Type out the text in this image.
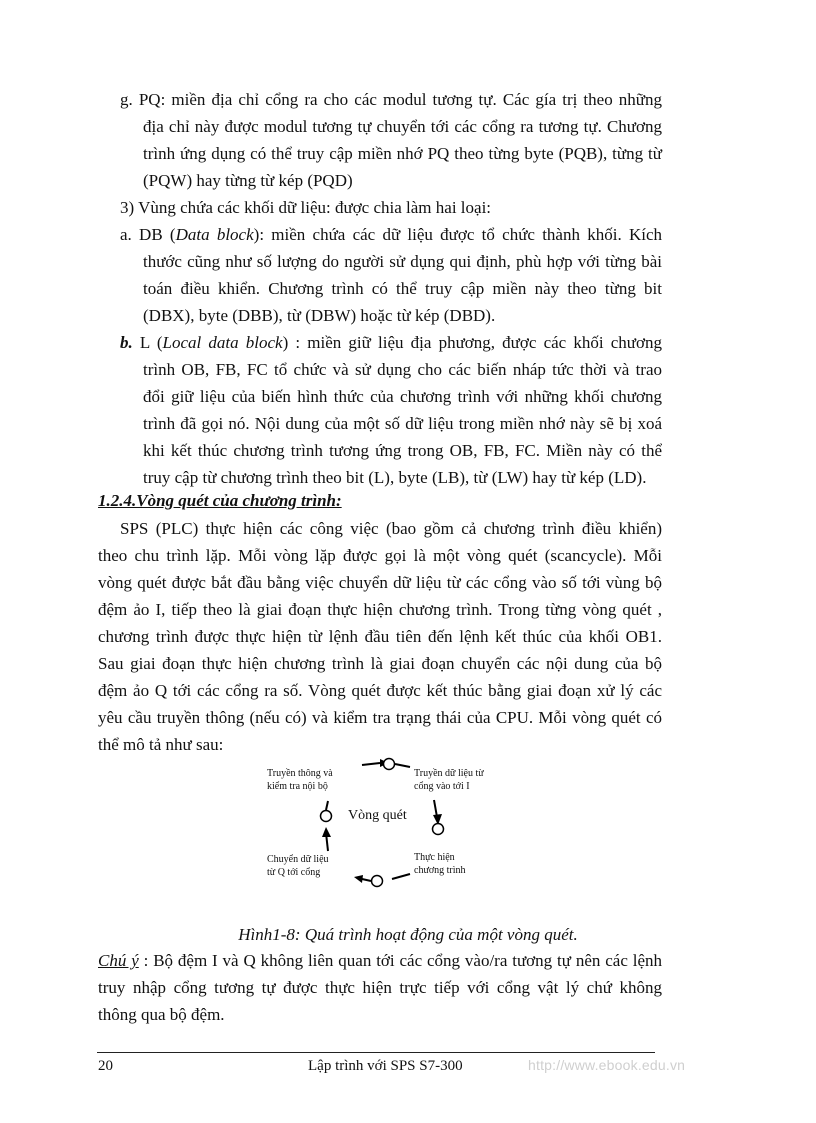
g. PQ: miền địa chỉ cổng ra cho các modul tương tự. Các gía trị theo những
địa chỉ này được modul tương tự chuyển tới các cổng ra tương tự. Chương
trình ứng dụng có thể truy cập miền nhớ PQ theo từng byte (PQB), từng từ
(PQW) hay từng từ kép (PQD)
3) Vùng chứa các khối dữ liệu: được chia làm hai loại:
a. DB (Data block): miền chứa các dữ liệu được tổ chức thành khối. Kích
thước cũng như số lượng do người sử dụng qui định, phù hợp với từng bài
toán điều khiển. Chương trình có thể truy cập miền này theo từng bit
(DBX), byte (DBB), từ (DBW) hoặc từ kép (DBD).
b. L (Local data block) : miền giữ liệu địa phương, được các khối chương
trình OB, FB, FC tổ chức và sử dụng cho các biến nháp tức thời và trao
đổi giữ liệu của biến hình thức của chương trình với những khối chương
trình đã gọi nó. Nội dung của một số dữ liệu trong miền nhớ này sẽ bị xoá
khi kết thúc chương trình tương ứng trong OB, FB, FC. Miền này có thể
truy cập từ chương trình theo bit (L), byte (LB), từ (LW) hay từ kép (LD).
1.2.4.Vòng quét của chương trình:
SPS (PLC) thực hiện các công việc (bao gồm cả chương trình điều khiển)
theo chu trình lặp. Mỗi vòng lặp được gọi là một vòng quét (scancycle). Mỗi
vòng quét được bắt đầu bằng việc chuyển dữ liệu từ các cổng vào số tới vùng bộ
đệm ảo I, tiếp theo là giai đoạn thực hiện chương trình. Trong từng vòng quét ,
chương trình được thực hiện từ lệnh đầu tiên đến lệnh kết thúc của khối OB1.
Sau giai đoạn thực hiện chương trình là giai đoạn chuyển các nội dung của bộ
đệm ảo Q tới các cổng ra số. Vòng quét được kết thúc bằng giai đoạn xử lý các
yêu cầu truyền thông (nếu có) và kiểm tra trạng thái của CPU. Mỗi vòng quét có
thể mô tả như sau:
Truyền thông và
kiểm tra nội bộ
Truyền dữ liệu từ
cổng vào tới I
Vòng quét
Thực hiện
chương trình
Chuyển dữ liệu
từ Q tới cổng
Hình1-8: Quá trình hoạt động của một vòng quét.
Chú ý : Bộ đệm I và Q không liên quan tới các cổng vào/ra tương tự nên các lệnh
truy nhập cổng tương tự được thực hiện trực tiếp với cổng vật lý chứ không
thông qua bộ đệm.
20	Lập trình với SPS S7-300	http://www.ebook.edu.vn
